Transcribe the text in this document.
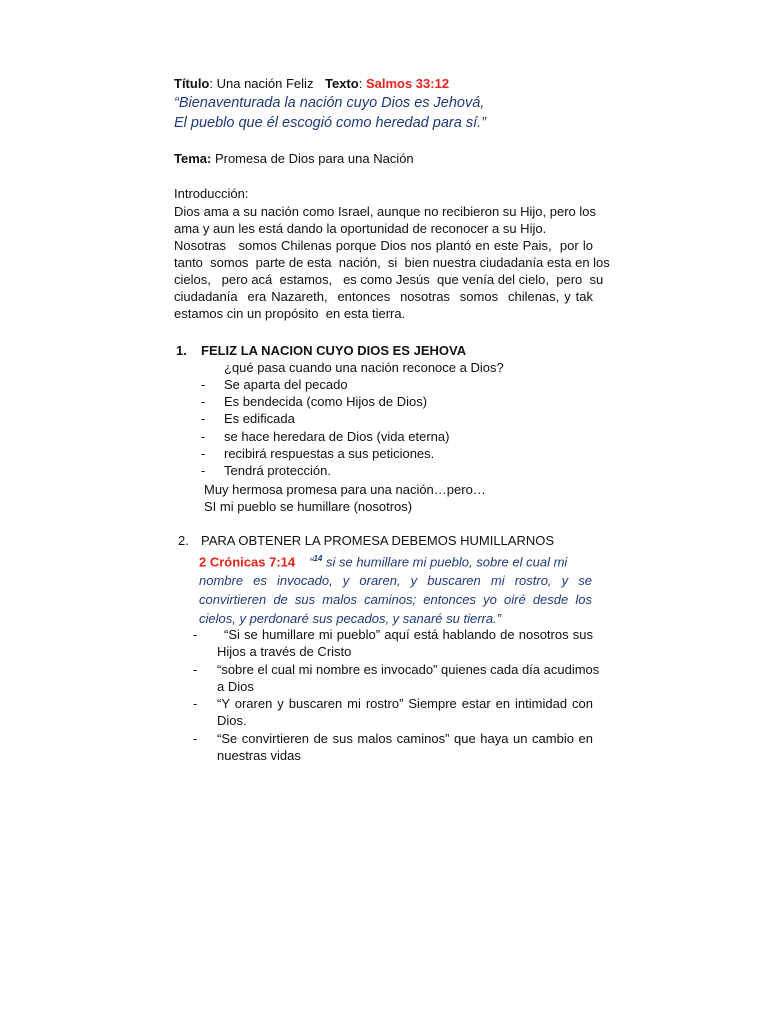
Título: Una nación Feliz Texto: Salmos 33:12
“Bienaventurada la nación cuyo Dios es Jehová,
El pueblo que él escogió como heredad para sí.”
Tema: Promesa de Dios para una Nación
Introducción:
Dios ama a su nación como Israel, aunque no recibieron su Hijo, pero los
ama y aun les está dando la oportunidad de reconocer a su Hijo.
Nosotras   somos Chilenas porque Dios nos plantó en este Pais,  por lo
tanto  somos  parte de esta  nación,  si  bien nuestra ciudadanía esta en los
cielos,   pero acá  estamos,   es como Jesús  que venía del cielo,  pero  su
ciudadanía  era Nazareth,  entonces  nosotras  somos  chilenas, y tak
estamos cin un propósito  en esta tierra.
1. FELIZ LA NACION CUYO DIOS ES JEHOVA
¿qué pasa cuando una nación reconoce a Dios?
- Se aparta del pecado
- Es bendecida (como Hijos de Dios)
- Es edificada
- se hace heredara de Dios (vida eterna)
- recibirá respuestas a sus peticiones.
- Tendrá protección.
Muy hermosa promesa para una nación…pero…
SI mi pueblo se humillare (nosotros)
2. PARA OBTENER LA PROMESA DEBEMOS HUMILLARNOS
2 Crónicas 7:14 “$^{14}$ si se humillare mi pueblo, sobre el cual mi
nombre es invocado, y oraren, y buscaren mi rostro, y se
convirtieren de sus malos caminos; entonces yo oiré desde los
cielos, y perdonaré sus pecados, y sanaré su tierra.”
- “Si se humillare mi pueblo” aquí está hablando de nosotros sus
Hijos a través de Cristo
- “sobre el cual mi nombre es invocado” quienes cada día acudimos
a Dios
- “Y oraren y buscaren mi rostro” Siempre estar en intimidad con
Dios.
- “Se convirtieren de sus malos caminos” que haya un cambio en
nuestras vidas
